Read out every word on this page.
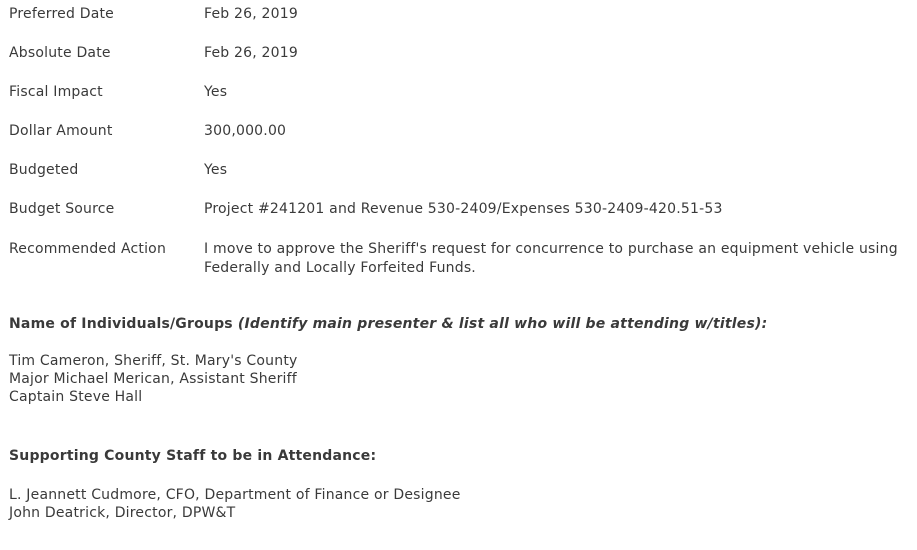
Preferred Date	Feb 26, 2019
Absolute Date	Feb 26, 2019
Fiscal Impact	Yes
Dollar Amount	300,000.00
Budgeted	Yes
Budget Source	Project #241201 and Revenue 530-2409/Expenses 530-2409-420.51-53
Recommended Action	I move to approve the Sheriff's request for concurrence to purchase an equipment vehicle using Federally and Locally Forfeited Funds.
Name of Individuals/Groups (Identify main presenter & list all who will be attending w/titles):
Tim Cameron, Sheriff, St. Mary's County
Major Michael Merican, Assistant Sheriff
Captain Steve Hall
Supporting County Staff to be in Attendance:
L. Jeannett Cudmore, CFO, Department of Finance or Designee
John Deatrick, Director, DPW&T
